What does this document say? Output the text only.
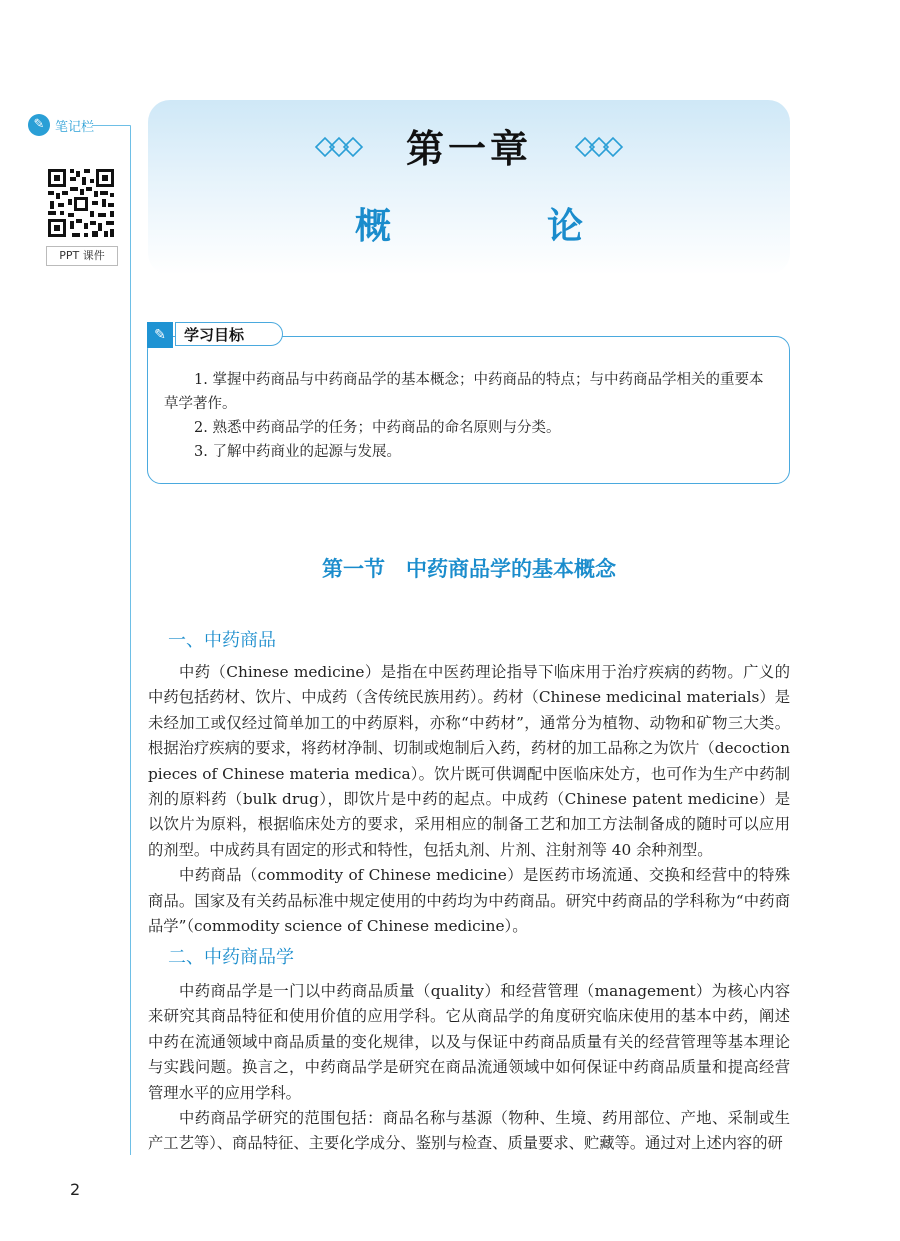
✎ 笔记栏
PPT 课件
第一章
概　论
✎	学习目标

1. 掌握中药商品与中药商品学的基本概念；中药商品的特点；与中药商品学相关的重要本草学著作。

2. 熟悉中药商品学的任务；中药商品的命名原则与分类。

3. 了解中药商业的起源与发展。

第一节　中药商品学的基本概念
一、中药商品

中药（Chinese medicine）是指在中医药理论指导下临床用于治疗疾病的药物。广义的中药包括药材、饮片、中成药（含传统民族用药）。药材（Chinese medicinal materials）是未经加工或仅经过简单加工的中药原料，亦称“中药材”，通常分为植物、动物和矿物三大类。根据治疗疾病的要求，将药材净制、切制或炮制后入药，药材的加工品称之为饮片（decoction pieces of Chinese materia medica）。饮片既可供调配中医临床处方，也可作为生产中药制剂的原料药（bulk drug），即饮片是中药的起点。中成药（Chinese patent medicine）是以饮片为原料，根据临床处方的要求，采用相应的制备工艺和加工方法制备成的随时可以应用的剂型。中成药具有固定的形式和特性，包括丸剂、片剂、注射剂等 40 余种剂型。

中药商品（commodity of Chinese medicine）是医药市场流通、交换和经营中的特殊商品。国家及有关药品标准中规定使用的中药均为中药商品。研究中药商品的学科称为“中药商品学”（commodity science of Chinese medicine）。

二、中药商品学

中药商品学是一门以中药商品质量（quality）和经营管理（management）为核心内容来研究其商品特征和使用价值的应用学科。它从商品学的角度研究临床使用的基本中药，阐述中药在流通领域中商品质量的变化规律，以及与保证中药商品质量有关的经营管理等基本理论与实践问题。换言之，中药商品学是研究在商品流通领域中如何保证中药商品质量和提高经营管理水平的应用学科。

中药商品学研究的范围包括：商品名称与基源（物种、生境、药用部位、产地、采制或生产工艺等）、商品特征、主要化学成分、鉴别与检查、质量要求、贮藏等。通过对上述内容的研

2
